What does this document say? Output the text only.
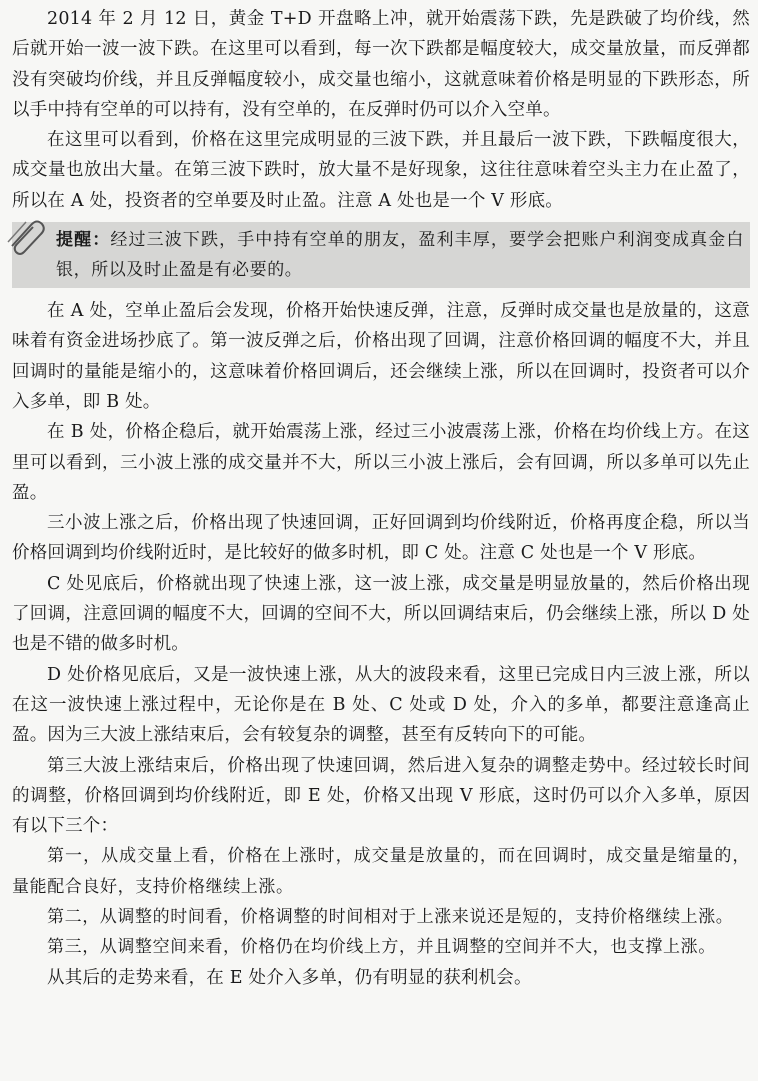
2014 年 2 月 12 日，黄金 T+D 开盘略上冲，就开始震荡下跌，先是跌破了均价线，然后就开始一波一波下跌。在这里可以看到，每一次下跌都是幅度较大，成交量放量，而反弹都没有突破均价线，并且反弹幅度较小，成交量也缩小，这就意味着价格是明显的下跌形态，所以手中持有空单的可以持有，没有空单的，在反弹时仍可以介入空单。

在这里可以看到，价格在这里完成明显的三波下跌，并且最后一波下跌，下跌幅度很大，成交量也放出大量。在第三波下跌时，放大量不是好现象，这往往意味着空头主力在止盈了，所以在 A 处，投资者的空单要及时止盈。注意 A 处也是一个 V 形底。

提醒：经过三波下跌，手中持有空单的朋友，盈利丰厚，要学会把账户利润变成真金白银，所以及时止盈是有必要的。

在 A 处，空单止盈后会发现，价格开始快速反弹，注意，反弹时成交量也是放量的，这意味着有资金进场抄底了。第一波反弹之后，价格出现了回调，注意价格回调的幅度不大，并且回调时的量能是缩小的，这意味着价格回调后，还会继续上涨，所以在回调时，投资者可以介入多单，即 B 处。

在 B 处，价格企稳后，就开始震荡上涨，经过三小波震荡上涨，价格在均价线上方。在这里可以看到，三小波上涨的成交量并不大，所以三小波上涨后，会有回调，所以多单可以先止盈。

三小波上涨之后，价格出现了快速回调，正好回调到均价线附近，价格再度企稳，所以当价格回调到均价线附近时，是比较好的做多时机，即 C 处。注意 C 处也是一个 V 形底。

C 处见底后，价格就出现了快速上涨，这一波上涨，成交量是明显放量的，然后价格出现了回调，注意回调的幅度不大，回调的空间不大，所以回调结束后，仍会继续上涨，所以 D 处也是不错的做多时机。

D 处价格见底后，又是一波快速上涨，从大的波段来看，这里已完成日内三波上涨，所以在这一波快速上涨过程中，无论你是在 B 处、C 处或 D 处，介入的多单，都要注意逢高止盈。因为三大波上涨结束后，会有较复杂的调整，甚至有反转向下的可能。

第三大波上涨结束后，价格出现了快速回调，然后进入复杂的调整走势中。经过较长时间的调整，价格回调到均价线附近，即 E 处，价格又出现 V 形底，这时仍可以介入多单，原因有以下三个：

第一，从成交量上看，价格在上涨时，成交量是放量的，而在回调时，成交量是缩量的，量能配合良好，支持价格继续上涨。

第二，从调整的时间看，价格调整的时间相对于上涨来说还是短的，支持价格继续上涨。

第三，从调整空间来看，价格仍在均价线上方，并且调整的空间并不大，也支撑上涨。

从其后的走势来看，在 E 处介入多单，仍有明显的获利机会。
